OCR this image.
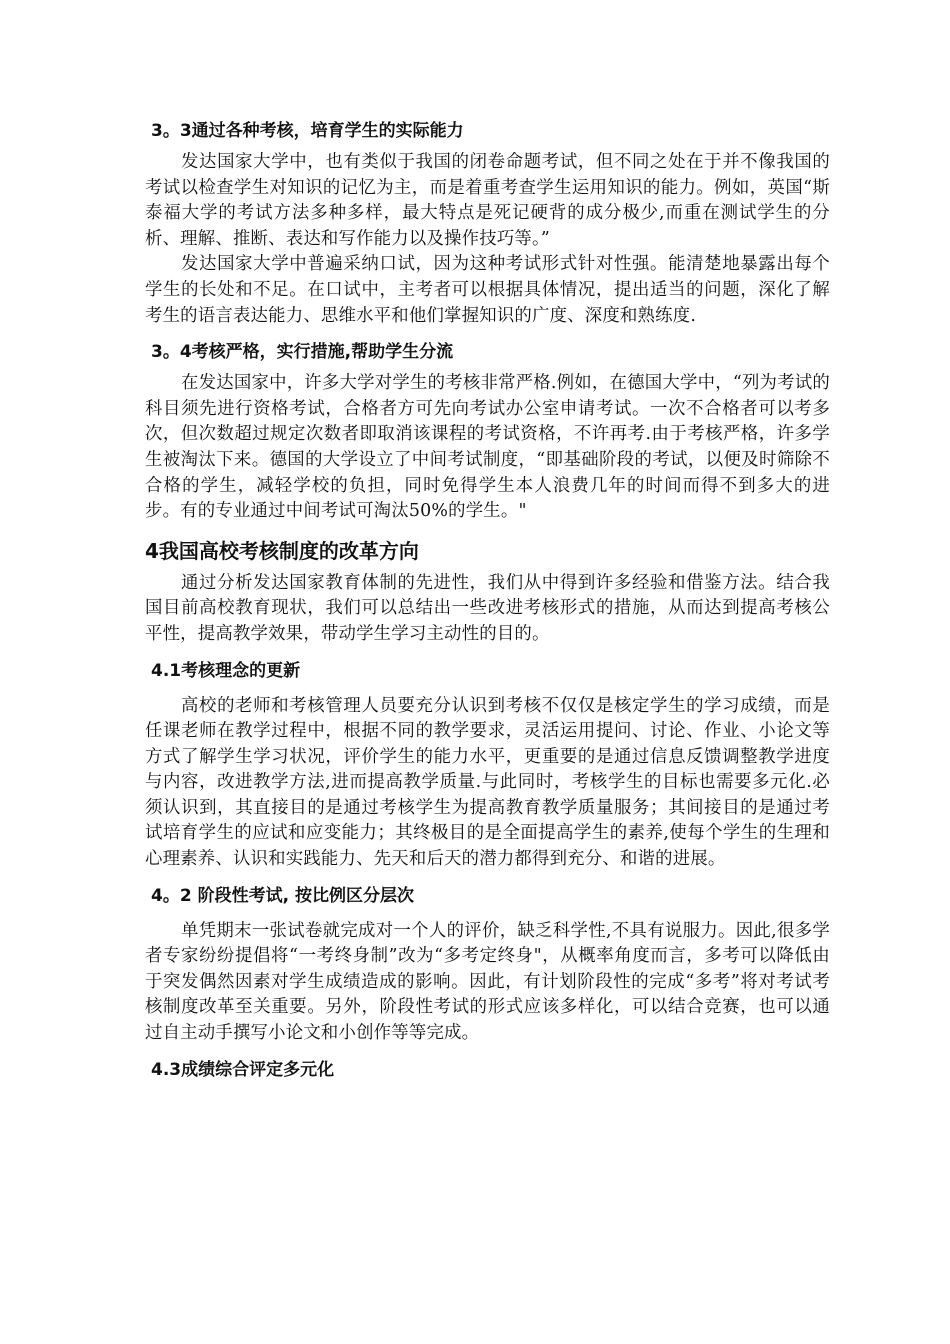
3。3通过各种考核，培育学生的实际能力

发达国家大学中，也有类似于我国的闭卷命题考试，但不同之处在于并不像我国的考试以检查学生对知识的记忆为主，而是着重考查学生运用知识的能力。例如，英国“斯泰福大学的考试方法多种多样，最大特点是死记硬背的成分极少,而重在测试学生的分析、理解、推断、表达和写作能力以及操作技巧等。”

发达国家大学中普遍采纳口试，因为这种考试形式针对性强。能清楚地暴露出每个学生的长处和不足。在口试中，主考者可以根据具体情况，提出适当的问题，深化了解考生的语言表达能力、思维水平和他们掌握知识的广度、深度和熟练度.

3。4考核严格，实行措施,帮助学生分流

在发达国家中，许多大学对学生的考核非常严格.例如，在德国大学中，“列为考试的科目须先进行资格考试，合格者方可先向考试办公室申请考试。一次不合格者可以考多次，但次数超过规定次数者即取消该课程的考试资格，不许再考.由于考核严格，许多学生被淘汰下来。德国的大学设立了中间考试制度，“即基础阶段的考试，以便及时筛除不合格的学生，减轻学校的负担，同时免得学生本人浪费几年的时间而得不到多大的进步。有的专业通过中间考试可淘汰50%的学生。"

4我国高校考核制度的改革方向

通过分析发达国家教育体制的先进性，我们从中得到许多经验和借鉴方法。结合我国目前高校教育现状，我们可以总结出一些改进考核形式的措施，从而达到提高考核公平性，提高教学效果，带动学生学习主动性的目的。

4.1考核理念的更新

高校的老师和考核管理人员要充分认识到考核不仅仅是核定学生的学习成绩，而是任课老师在教学过程中，根据不同的教学要求，灵活运用提问、讨论、作业、小论文等方式了解学生学习状况，评价学生的能力水平，更重要的是通过信息反馈调整教学进度与内容，改进教学方法,进而提高教学质量.与此同时，考核学生的目标也需要多元化.必须认识到，其直接目的是通过考核学生为提高教育教学质量服务；其间接目的是通过考试培育学生的应试和应变能力；其终极目的是全面提高学生的素养,使每个学生的生理和心理素养、认识和实践能力、先天和后天的潜力都得到充分、和谐的进展。

4。2 阶段性考试, 按比例区分层次

单凭期末一张试卷就完成对一个人的评价，缺乏科学性,不具有说服力。因此,很多学者专家纷纷提倡将“一考终身制”改为“多考定终身"，从概率角度而言，多考可以降低由于突发偶然因素对学生成绩造成的影响。因此，有计划阶段性的完成“多考”将对考试考核制度改革至关重要。另外，阶段性考试的形式应该多样化，可以结合竞赛，也可以通过自主动手撰写小论文和小创作等等完成。

4.3成绩综合评定多元化
